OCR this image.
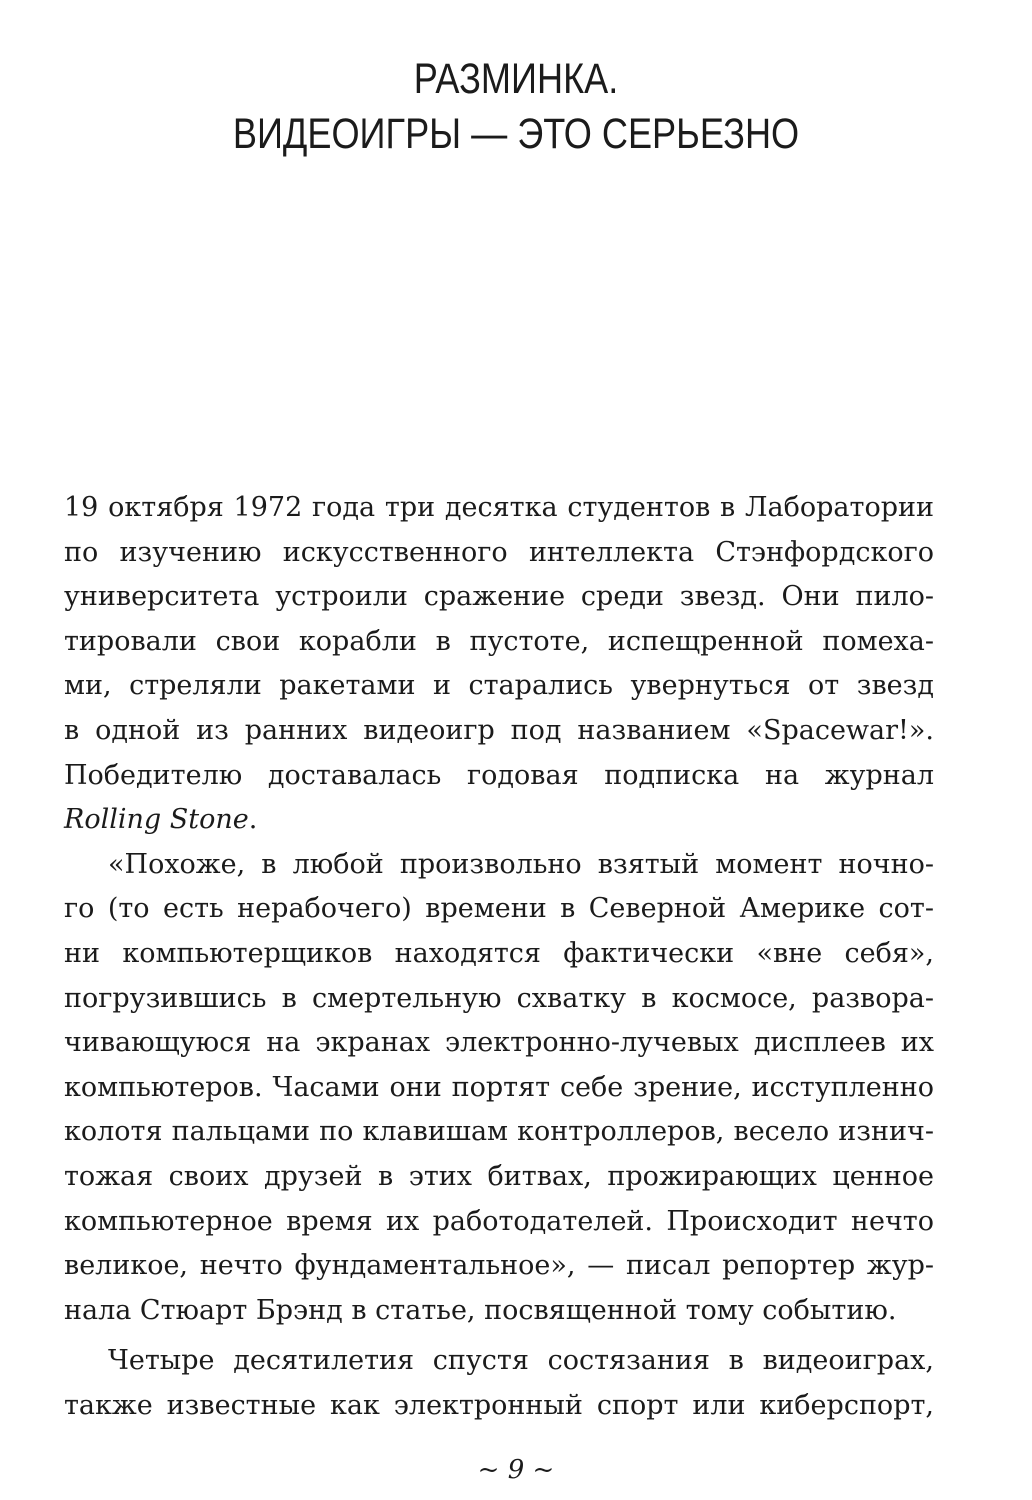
РАЗМИНКА.
ВИДЕОИГРЫ — ЭТО СЕРЬЕЗНО
19 октября 1972 года три десятка студентов в Лаборатории
по изучению искусственного интеллекта Стэнфордского
университета устроили сражение среди звезд. Они пило-
тировали свои корабли в пустоте, испещренной помеха-
ми, стреляли ракетами и старались увернуться от звезд
в одной из ранних видеоигр под названием «Spacewar!».
Победителю доставалась годовая подписка на журнал
Rolling Stone.
«Похоже, в любой произвольно взятый момент ночно-
го (то есть нерабочего) времени в Северной Америке сот-
ни компьютерщиков находятся фактически «вне себя»,
погрузившись в смертельную схватку в космосе, развора-
чивающуюся на экранах электронно-лучевых дисплеев их
компьютеров. Часами они портят себе зрение, исступленно
колотя пальцами по клавишам контроллеров, весело изнич-
тожая своих друзей в этих битвах, прожирающих ценное
компьютерное время их работодателей. Происходит нечто
великое, нечто фундаментальное», — писал репортер жур-
нала Стюарт Брэнд в статье, посвященной тому событию.
Четыре десятилетия спустя состязания в видеоиграх,
также известные как электронный спорт или киберспорт,
~ 9 ~
